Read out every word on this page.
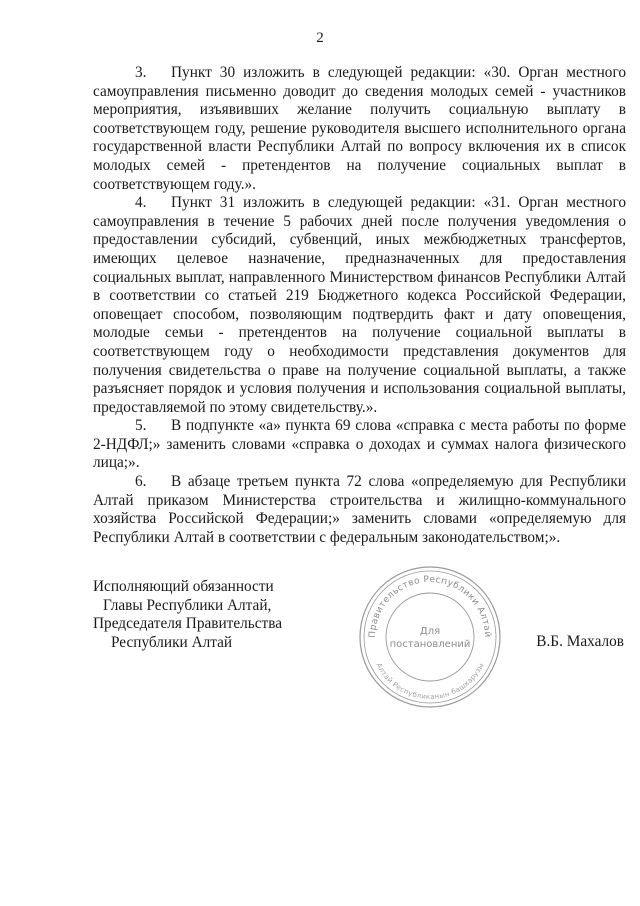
2

3. Пункт 30 изложить в следующей редакции: «30. Орган местного самоуправления письменно доводит до сведения молодых семей - участников мероприятия, изъявивших желание получить социальную выплату в соответствующем году, решение руководителя высшего исполнительного органа государственной власти Республики Алтай по вопросу включения их в список молодых семей - претендентов на получение социальных выплат в соответствующем году.».

4. Пункт 31 изложить в следующей редакции: «31. Орган местного самоуправления в течение 5 рабочих дней после получения уведомления о предоставлении субсидий, субвенций, иных межбюджетных трансфертов, имеющих целевое назначение, предназначенных для предоставления социальных выплат, направленного Министерством финансов Республики Алтай в соответствии со статьей 219 Бюджетного кодекса Российской Федерации, оповещает способом, позволяющим подтвердить факт и дату оповещения, молодые семьи - претендентов на получение социальной выплаты в соответствующем году о необходимости представления документов для получения свидетельства о праве на получение социальной выплаты, а также разъясняет порядок и условия получения и использования социальной выплаты, предоставляемой по этому свидетельству.».

5. В подпункте «а» пункта 69 слова «справка с места работы по форме 2-НДФЛ;» заменить словами «справка о доходах и суммах налога физического лица;».

6. В абзаце третьем пункта 72 слова «определяемую для Республики Алтай приказом Министерства строительства и жилищно-коммунального хозяйства Российской Федерации;» заменить словами «определяемую для Республики Алтай в соответствии с федеральным законодательством;».

Исполняющий обязанности
Главы Республики Алтай,
Председателя Правительства
Республики Алтай	В.Б. Махалов
Правительство Республики Алтай
Алтай Республиканын башкарузы
Для
постановлений
